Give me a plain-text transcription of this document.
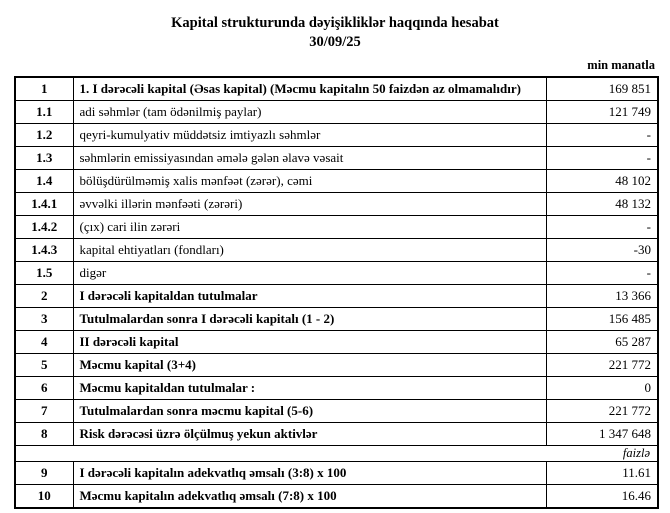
Kapital strukturunda dəyişikliklər haqqında hesabat
30/09/25
min manatla
1	1. I dərəcəli kapital (Əsas kapital) (Məcmu kapitalın 50 faizdən az olmamalıdır)	169 851
1.1	adi səhmlər (tam ödənilmiş paylar)	121 749
1.2	qeyri-kumulyativ müddətsiz imtiyazlı səhmlər	-
1.3	səhmlərin emissiyasından əmələ gələn əlavə vəsait	-
1.4	bölüşdürülməmiş xalis mənfəət (zərər), cəmi	48 102
1.4.1	əvvəlki illərin mənfəəti (zərəri)	48 132
1.4.2	(çıx) cari ilin zərəri	-
1.4.3	kapital ehtiyatları (fondları)	-30
1.5	digər	-
2	I dərəcəli kapitaldan tutulmalar	13 366
3	Tutulmalardan sonra I dərəcəli kapitalı (1 - 2)	156 485
4	II dərəcəli kapital	65 287
5	Məcmu kapital (3+4)	221 772
6	Məcmu kapitaldan tutulmalar :	0
7	Tutulmalardan sonra məcmu kapital (5-6)	221 772
8	Risk dərəcəsi üzrə ölçülmuş yekun aktivlər	1 347 648
faizlə		
9	I dərəcəli kapitalın adekvatlıq əmsalı (3:8) x 100	11.61
10	Məcmu kapitalın adekvatlıq əmsalı (7:8) x 100	16.46
